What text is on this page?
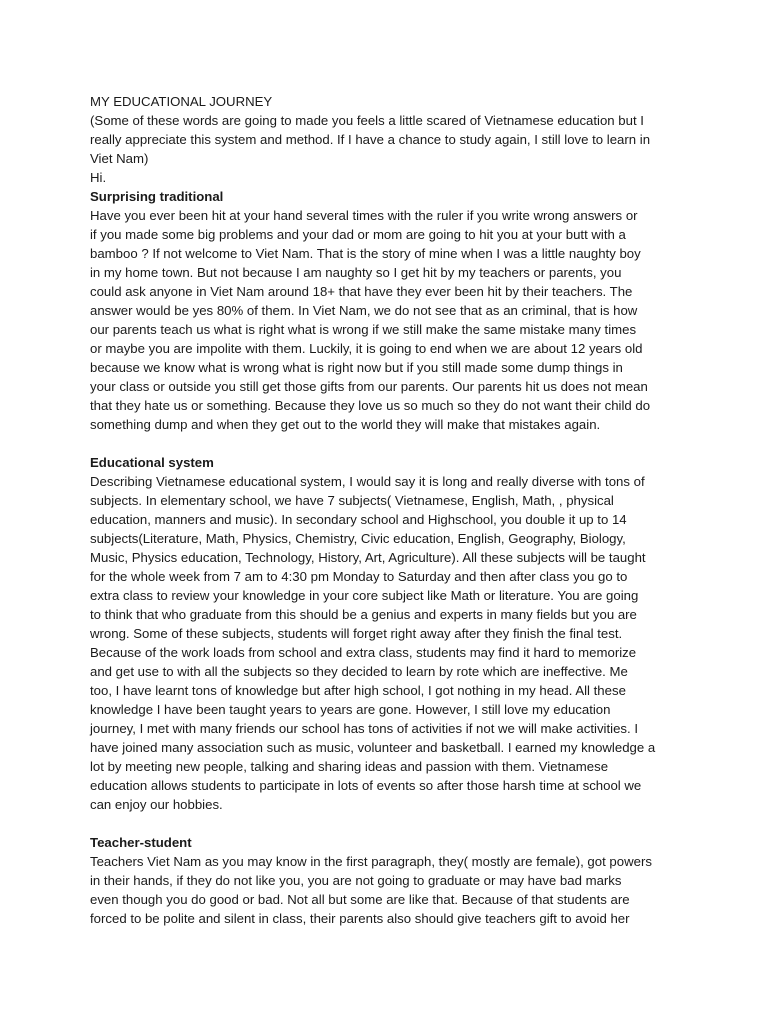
MY EDUCATIONAL JOURNEY
(Some of these words are going to made you feels a little scared of Vietnamese education but I
really appreciate this system and method. If I have a chance to study again, I still love to learn in
Viet Nam)
Hi.
Surprising traditional
Have you ever been hit at your hand several times with the ruler if you write wrong answers or
if you made some big problems and your dad or mom are going to hit you at your butt with a
bamboo ? If not welcome to Viet Nam. That is the story of mine when I was a little naughty boy
in my home town. But not because I am naughty so I get hit by my teachers or parents, you
could ask anyone in Viet Nam around 18+ that have they ever been hit by their teachers. The
answer would be yes 80% of them. In Viet Nam, we do not see that as an criminal, that is how
our parents teach us what is right what is wrong if we still make the same mistake many times
or maybe you are impolite with them. Luckily, it is going to end when we are about 12 years old
because we know what is wrong what is right now but if you still made some dump things in
your class or outside you still get those gifts from our parents. Our parents hit us does not mean
that they hate us or something. Because they love us so much so they do not want their child do
something dump and when they get out to the world they will make that mistakes again.
Educational system
Describing Vietnamese educational system, I would say it is long and really diverse with tons of
subjects. In elementary school, we have 7 subjects( Vietnamese, English, Math, , physical
education, manners and music). In secondary school and Highschool, you double it up to 14
subjects(Literature, Math, Physics, Chemistry, Civic education, English, Geography, Biology,
Music, Physics education, Technology, History, Art, Agriculture). All these subjects will be taught
for the whole week from 7 am to 4:30 pm Monday to Saturday and then after class you go to
extra class to review your knowledge in your core subject like Math or literature. You are going
to think that who graduate from this should be a genius and experts in many fields but you are
wrong. Some of these subjects, students will forget right away after they finish the final test.
Because of the work loads from school and extra class, students may find it hard to memorize
and get use to with all the subjects so they decided to learn by rote which are ineffective. Me
too, I have learnt tons of knowledge but after high school, I got nothing in my head. All these
knowledge I have been taught years to years are gone. However, I still love my education
journey, I met with many friends our school has tons of activities if not we will make activities. I
have joined many association such as music, volunteer and basketball. I earned my knowledge a
lot by meeting new people, talking and sharing ideas and passion with them. Vietnamese
education allows students to participate in lots of events so after those harsh time at school we
can enjoy our hobbies.
Teacher-student
Teachers Viet Nam as you may know in the first paragraph, they( mostly are female), got powers
in their hands, if they do not like you, you are not going to graduate or may have bad marks
even though you do good or bad. Not all but some are like that. Because of that students are
forced to be polite and silent in class, their parents also should give teachers gift to avoid her
